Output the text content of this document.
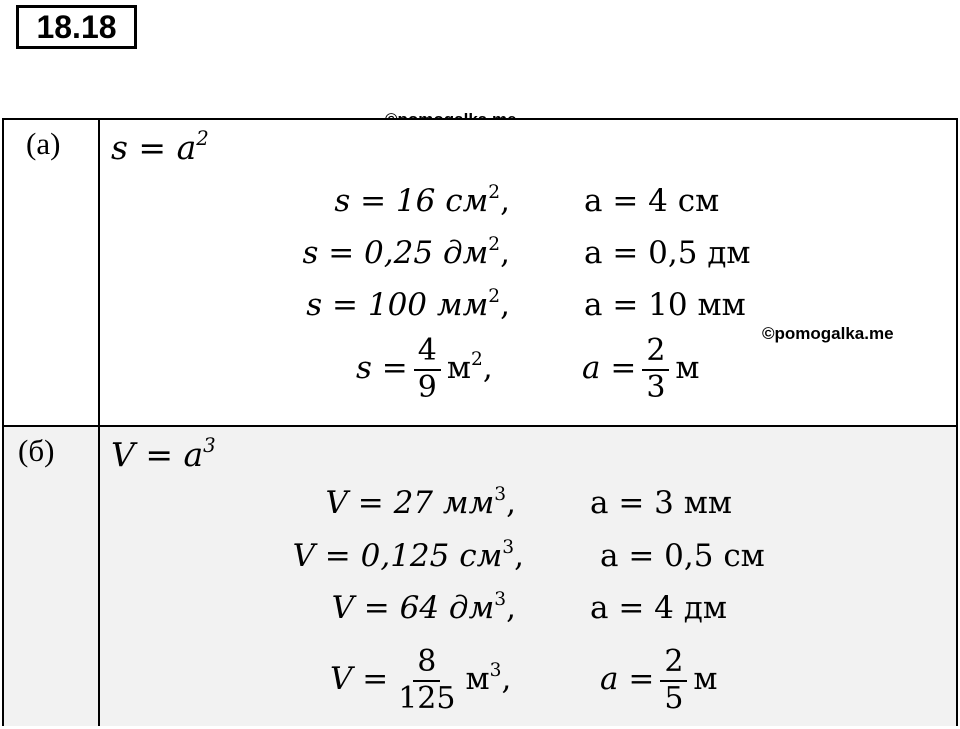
18.18
(а) $s = a^2$
s = 16 $см^2$, a = 4 см
s = 0,25 $дм^2$, a = 0,5 дм
s = 100 $мм^2$, a = 10 мм
$s = \frac{4}{9} м^2$,	$a = \frac{2}{3}$ м
©pomogalka.me
(б) $V = a^3$
V = 27 $мм^3$, a = 3 мм
V = 0,125 $см^3$, a = 0,5 см
V = 64 $дм^3$, a = 4 дм
$V = \frac{8}{125} м^3$,	$a = \frac{2}{5}$ м
